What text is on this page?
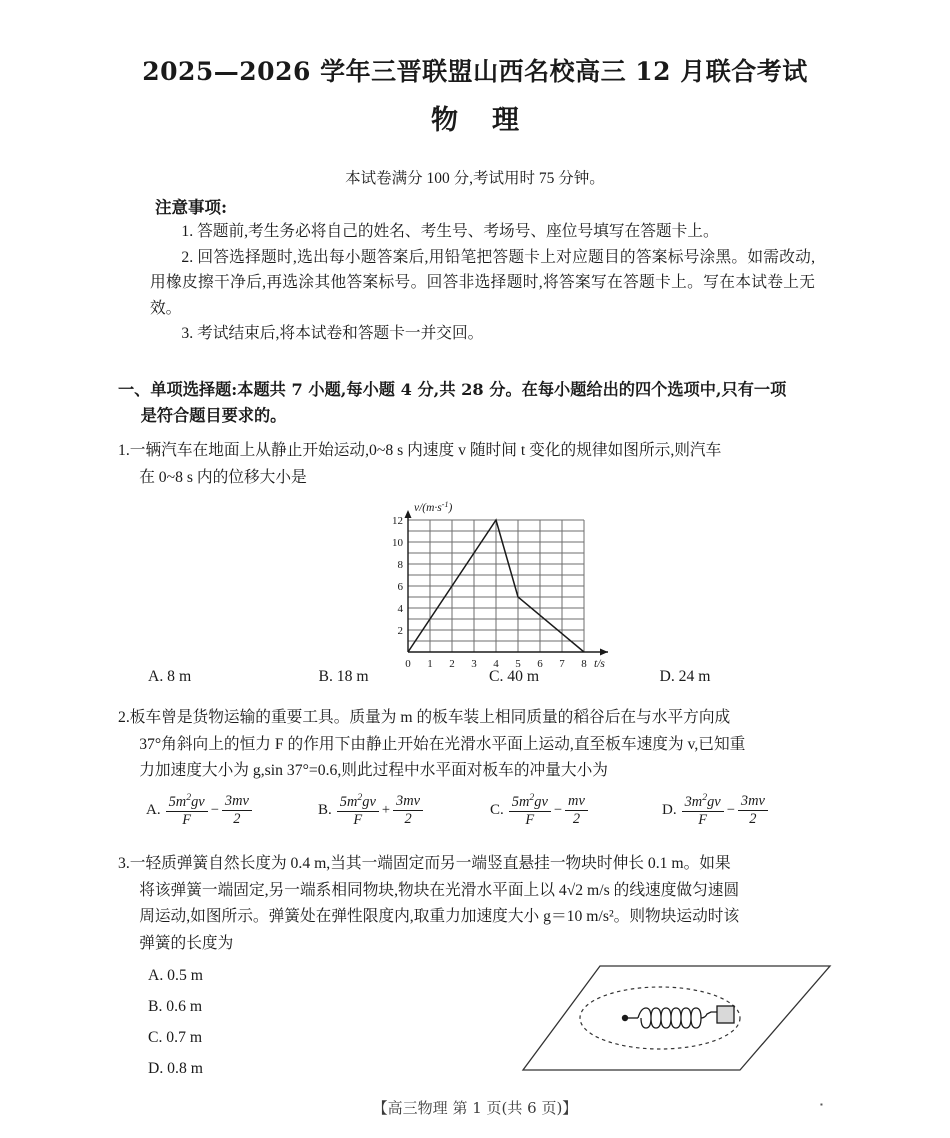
2025—2026 学年三晋联盟山西名校高三 12 月联合考试
物 理
本试卷满分 100 分,考试用时 75 分钟。
注意事项:

1. 答题前,考生务必将自己的姓名、考生号、考场号、座位号填写在答题卡上。

2. 回答选择题时,选出每小题答案后,用铅笔把答题卡上对应题目的答案标号涂黑。如需改动,用橡皮擦干净后,再选涂其他答案标号。回答非选择题时,将答案写在答题卡上。写在本试卷上无效。

3. 考试结束后,将本试卷和答题卡一并交回。

一、单项选择题:本题共 7 小题,每小题 4 分,共 28 分。在每小题给出的四个选项中,只有一项
是符合题目要求的。
1.一辆汽车在地面上从静止开始运动,0~8 s 内速度 v 随时间 t 变化的规律如图所示,则汽车
在 0~8 s 内的位移大小是
12
10
8
6
4
2
0 1 2 3 4 5 6 7 8
$v/(m\cdot s^{-1})$
t/s
A. 8 m	B. 18 m	C. 40 m	D. 24 m
2.板车曾是货物运输的重要工具。质量为 m 的板车装上相同质量的稻谷后在与水平方向成
37°角斜向上的恒力 F 的作用下由静止开始在光滑水平面上运动,直至板车速度为 v,已知重
力加速度大小为 g,sin 37°=0.6,则此过程中水平面对板车的冲量大小为
A. $\frac{5m^2gv}{F} - \frac{3mv}{2}$	B. $\frac{5m^2gv}{F} + \frac{3mv}{2}$	C. $\frac{5m^2gv}{F} - \frac{mv}{2}$	D. $\frac{3m^2gv}{F} - \frac{3mv}{2}$
3.一轻质弹簧自然长度为 0.4 m,当其一端固定而另一端竖直悬挂一物块时伸长 0.1 m。如果
将该弹簧一端固定,另一端系相同物块,物块在光滑水平面上以 4√2 m/s 的线速度做匀速圆
周运动,如图所示。弹簧处在弹性限度内,取重力加速度大小 g＝10 m/s²。则物块运动时该
弹簧的长度为
A. 0.5 m
B. 0.6 m
C. 0.7 m
D. 0.8 m
【高三物理 第 1 页(共 6 页)】	▪
